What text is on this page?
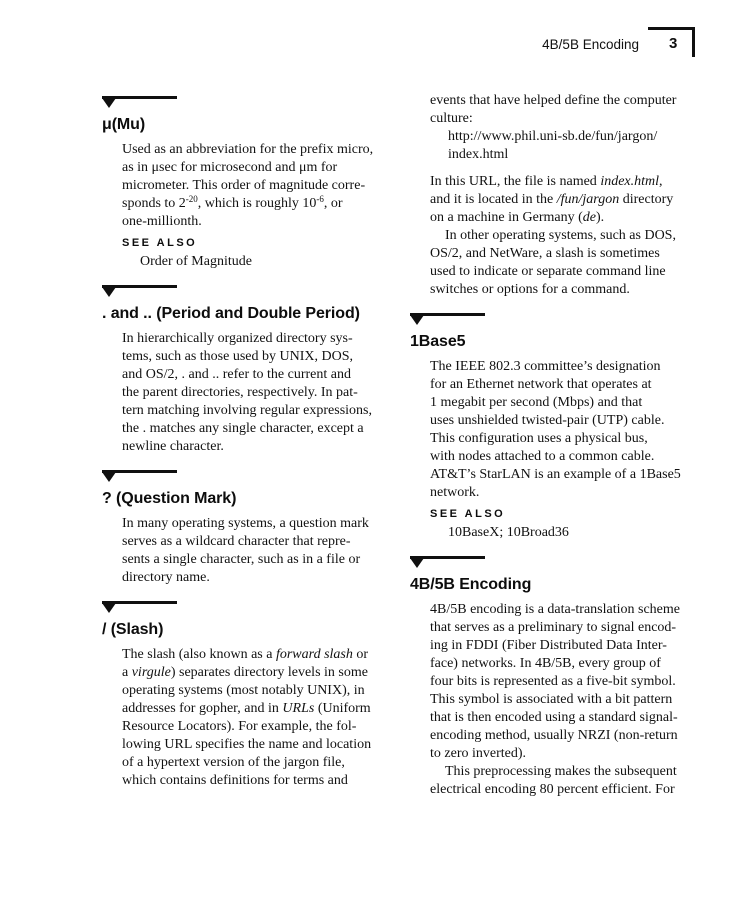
4B/5B Encoding 3
μ(Mu)
Used as an abbreviation for the prefix micro,
as in μsec for microsecond and μm for
micrometer. This order of magnitude corre-
sponds to $2^{-20}$, which is roughly $10^{-6}$, or
one-millionth.
SEE ALSO
Order of Magnitude
. and .. (Period and Double Period)
In hierarchically organized directory sys-
tems, such as those used by UNIX, DOS,
and OS/2, . and .. refer to the current and
the parent directories, respectively. In pat-
tern matching involving regular expressions,
the . matches any single character, except a
newline character.
? (Question Mark)
In many operating systems, a question mark
serves as a wildcard character that repre-
sents a single character, such as in a file or
directory name.
/ (Slash)
The slash (also known as a forward slash or
a virgule) separates directory levels in some
operating systems (most notably UNIX), in
addresses for gopher, and in URLs (Uniform
Resource Locators). For example, the fol-
lowing URL specifies the name and location
of a hypertext version of the jargon file,
which contains definitions for terms and
events that have helped define the computer
culture:
http://www.phil.uni-sb.de/fun/jargon/
index.html
In this URL, the file is named index.html,
and it is located in the /fun/jargon directory
on a machine in Germany (de).
In other operating systems, such as DOS,
OS/2, and NetWare, a slash is sometimes
used to indicate or separate command line
switches or options for a command.
1Base5
The IEEE 802.3 committee’s designation
for an Ethernet network that operates at
1 megabit per second (Mbps) and that
uses unshielded twisted-pair (UTP) cable.
This configuration uses a physical bus,
with nodes attached to a common cable.
AT&T’s StarLAN is an example of a 1Base5
network.
SEE ALSO
10BaseX; 10Broad36
4B/5B Encoding
4B/5B encoding is a data-translation scheme
that serves as a preliminary to signal encod-
ing in FDDI (Fiber Distributed Data Inter-
face) networks. In 4B/5B, every group of
four bits is represented as a five-bit symbol.
This symbol is associated with a bit pattern
that is then encoded using a standard signal-
encoding method, usually NRZI (non-return
to zero inverted).
This preprocessing makes the subsequent
electrical encoding 80 percent efficient. For
